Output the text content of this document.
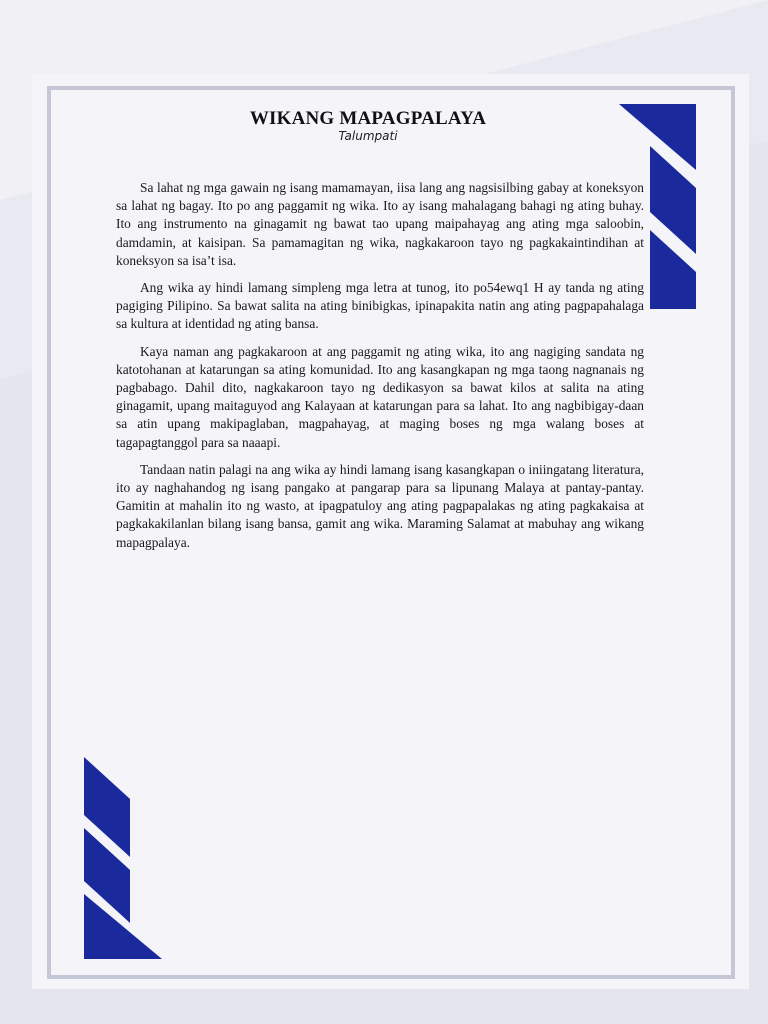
WIKANG MAPAGPALAYA
Talumpati

Sa lahat ng mga gawain ng isang mamamayan, iisa lang ang nagsisilbing gabay at koneksyon sa lahat ng bagay. Ito po ang paggamit ng wika. Ito ay isang mahalagang bahagi ng ating buhay. Ito ang instrumento na ginagamit ng bawat tao upang maipahayag ang ating mga saloobin, damdamin, at kaisipan. Sa pamamagitan ng wika, nagkakaroon tayo ng pagkakaintindihan at koneksyon sa isa’t isa.

Ang wika ay hindi lamang simpleng mga letra at tunog, ito po54ewq1 H ay tanda ng ating pagiging Pilipino. Sa bawat salita na ating binibigkas, ipinapakita natin ang ating pagpapahalaga sa kultura at identidad ng ating bansa.

Kaya naman ang pagkakaroon at ang paggamit ng ating wika, ito ang nagiging sandata ng katotohanan at katarungan sa ating komunidad. Ito ang kasangkapan ng mga taong nagnanais ng pagbabago. Dahil dito, nagkakaroon tayo ng dedikasyon sa bawat kilos at salita na ating ginagamit, upang maitaguyod ang Kalayaan at katarungan para sa lahat. Ito ang nagbibigay-daan sa atin upang makipaglaban, magpahayag, at maging boses ng mga walang boses at tagapagtanggol para sa naaapi.

Tandaan natin palagi na ang wika ay hindi lamang isang kasangkapan o iniingatang literatura, ito ay naghahandog ng isang pangako at pangarap para sa lipunang Malaya at pantay-pantay. Gamitin at mahalin ito ng wasto, at ipagpatuloy ang ating pagpapalakas ng ating pagkakaisa at pagkakakilanlan bilang isang bansa, gamit ang wika. Maraming Salamat at mabuhay ang wikang mapagpalaya.
